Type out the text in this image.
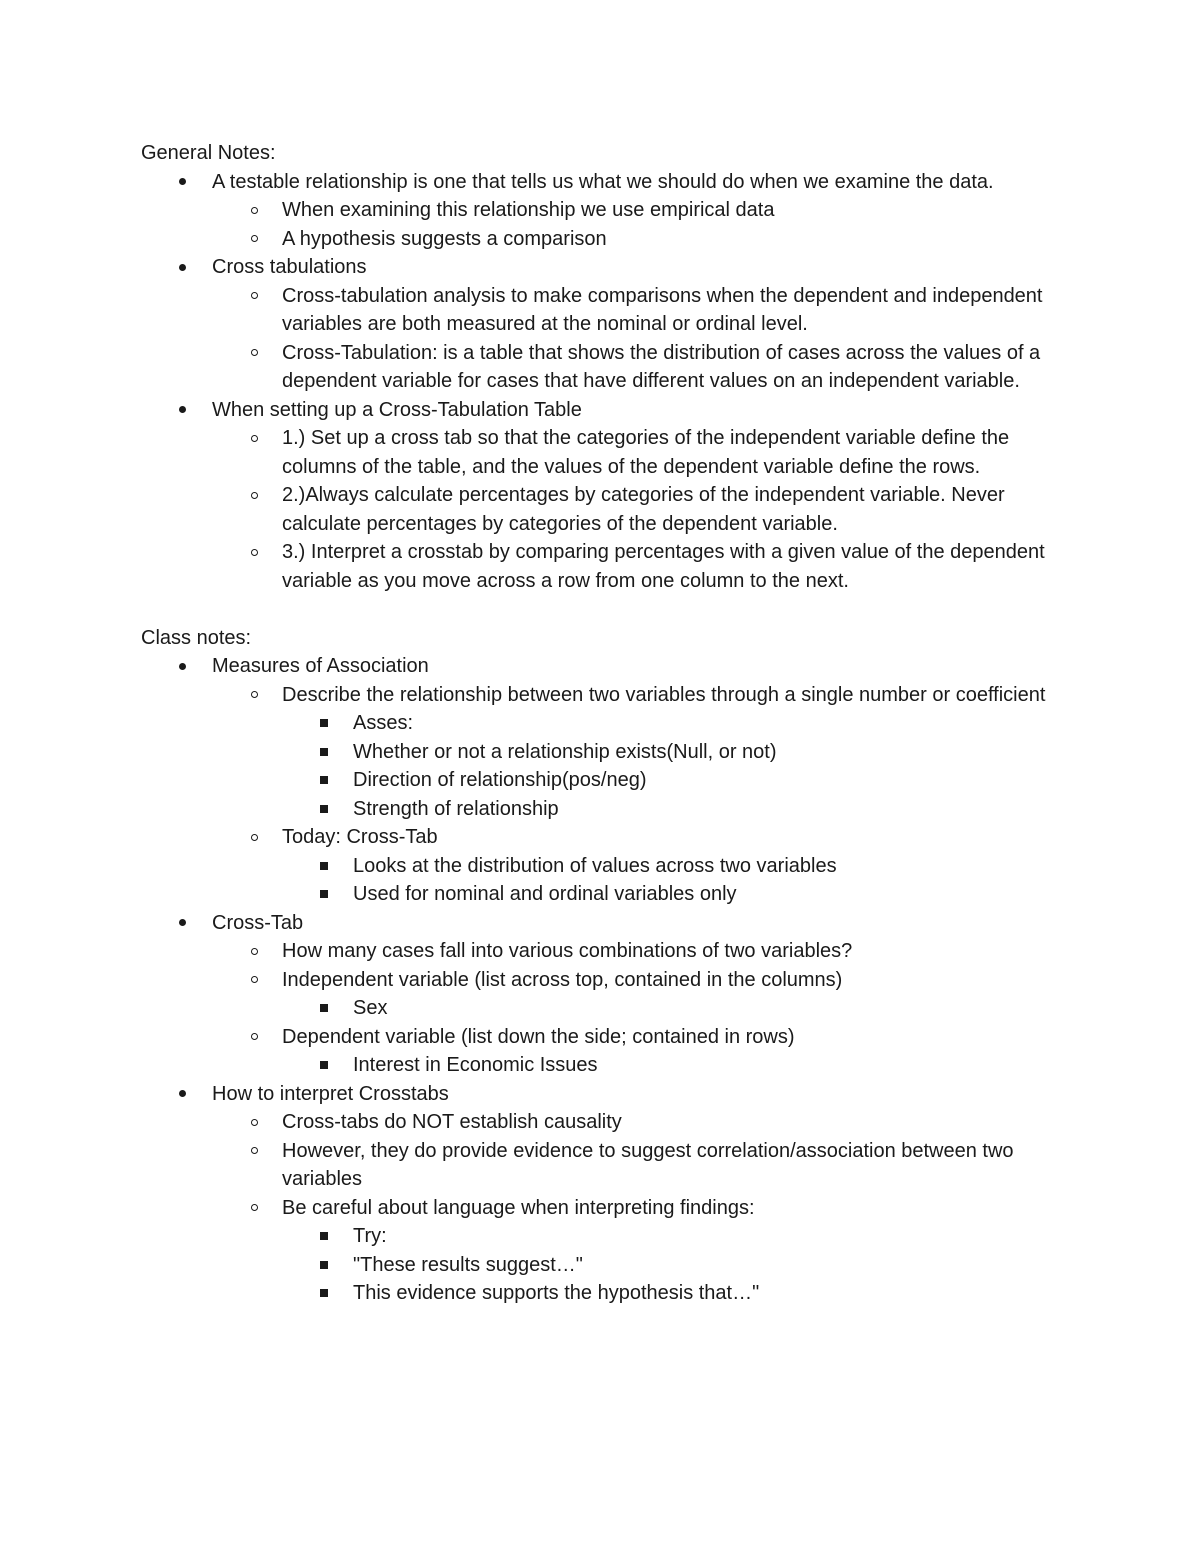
General Notes:

A testable relationship is one that tells us what we should do when we examine the data.
When examining this relationship we use empirical data
A hypothesis suggests a comparison
Cross tabulations
Cross-tabulation analysis to make comparisons when the dependent and independent variables are both measured at the nominal or ordinal level.
Cross-Tabulation: is a table that shows the distribution of cases across the values of a dependent variable for cases that have different values on an independent variable.
When setting up a Cross-Tabulation Table
1.) Set up a cross tab so that the categories of the independent variable define the columns of the table, and the values of the dependent variable define the rows.
2.)Always calculate percentages by categories of the independent variable. Never calculate percentages by categories of the dependent variable.
3.) Interpret a crosstab by comparing percentages with a given value of the dependent variable as you move across a row from one column to the next.

Class notes:

Measures of Association
Describe the relationship between two variables through a single number or coefficient
Asses:
Whether or not a relationship exists(Null, or not)
Direction of relationship(pos/neg)
Strength of relationship
Today: Cross-Tab
Looks at the distribution of values across two variables
Used for nominal and ordinal variables only
Cross-Tab
How many cases fall into various combinations of two variables?
Independent variable (list across top, contained in the columns)
Sex
Dependent variable (list down the side; contained in rows)
Interest in Economic Issues
How to interpret Crosstabs
Cross-tabs do NOT establish causality
However, they do provide evidence to suggest correlation/association between two variables
Be careful about language when interpreting findings:
Try:
"These results suggest…"
This evidence supports the hypothesis that…"
